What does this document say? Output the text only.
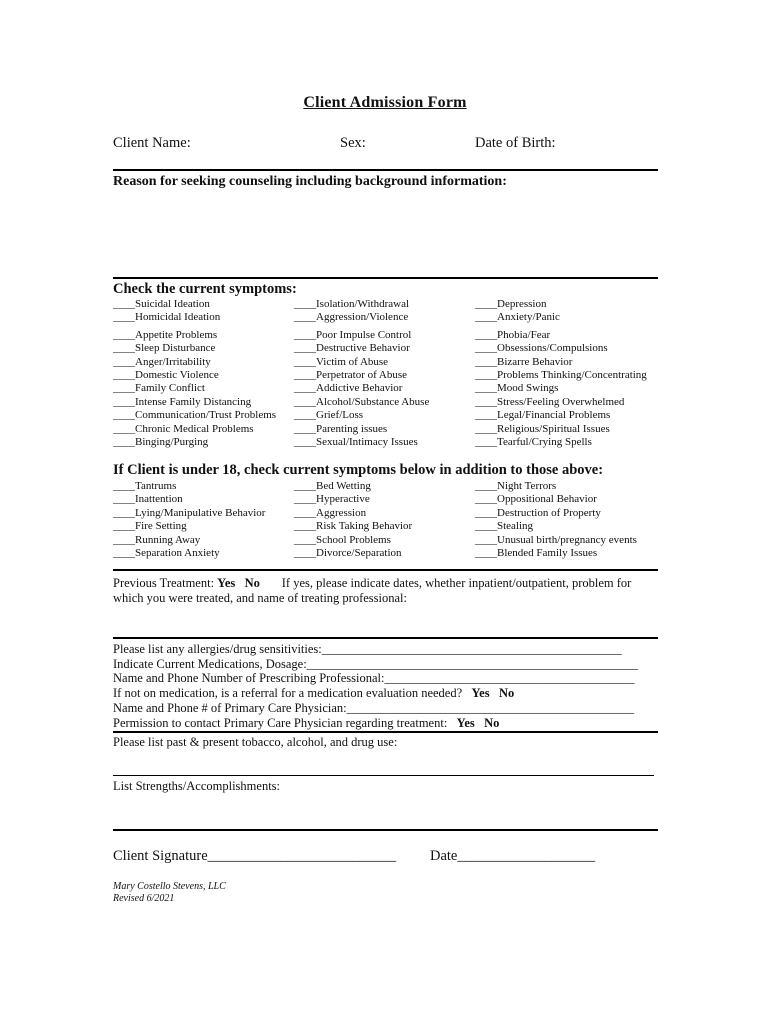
Client Admission Form
Client Name:	Sex:	Date of Birth:
Reason for seeking counseling including background information:
Check the current symptoms:
____Suicidal Ideation
____Homicidal Ideation
____Appetite Problems
____Sleep Disturbance
____Anger/Irritability
____Domestic Violence
____Family Conflict
____Intense Family Distancing
____Communication/Trust Problems
____Chronic Medical Problems
____Binging/Purging
____Isolation/Withdrawal
____Aggression/Violence
____Poor Impulse Control
____Destructive Behavior
____Victim of Abuse
____Perpetrator of Abuse
____Addictive Behavior
____Alcohol/Substance Abuse
____Grief/Loss
____Parenting issues
____Sexual/Intimacy Issues
____Depression
____Anxiety/Panic
____Phobia/Fear
____Obsessions/Compulsions
____Bizarre Behavior
____Problems Thinking/Concentrating
____Mood Swings
____Stress/Feeling Overwhelmed
____Legal/Financial Problems
____Religious/Spiritual Issues
____Tearful/Crying Spells
If Client is under 18, check current symptoms below in addition to those above:
____Tantrums
____Inattention
____Lying/Manipulative Behavior
____Fire Setting
____Running Away
____Separation Anxiety
____Bed Wetting
____Hyperactive
____Aggression
____Risk Taking Behavior
____School Problems
____Divorce/Separation
____Night Terrors
____Oppositional Behavior
____Destruction of Property
____Stealing
____Unusual birth/pregnancy events
____Blended Family Issues
Previous Treatment: Yes No If yes, please indicate dates, whether inpatient/outpatient, problem for
which you were treated, and name of treating professional:
Please list any allergies/drug sensitivities:________________________________________________
Indicate Current Medications, Dosage:_____________________________________________________
Name and Phone Number of Prescribing Professional:________________________________________
If not on medication, is a referral for a medication evaluation needed? Yes No
Name and Phone # of Primary Care Physician:______________________________________________
Permission to contact Primary Care Physician regarding treatment: Yes No
Please list past & present tobacco, alcohol, and drug use:
List Strengths/Accomplishments:
Client Signature__________________________ Date___________________
Mary Costello Stevens, LLC
Revised 6/2021
